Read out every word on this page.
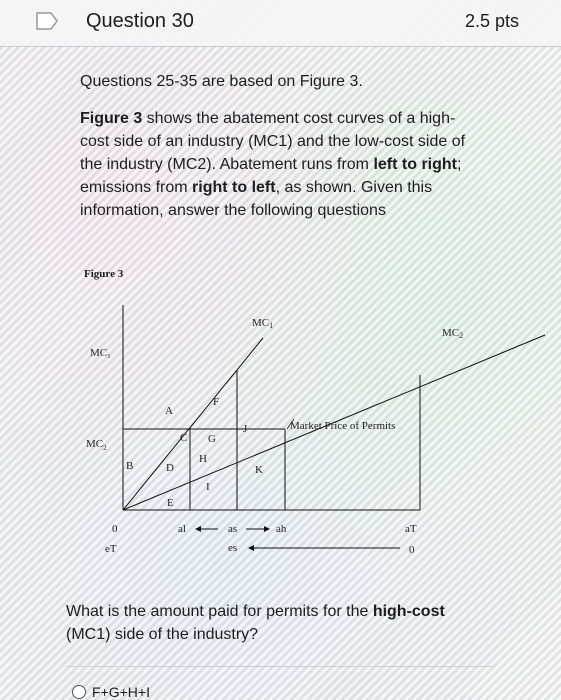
Question 30	2.5 pts

Questions 25-35 are based on Figure 3.

Figure 3 shows the abatement cost curves of a high-cost side of an industry (MC1) and the low-cost side of the industry (MC2). Abatement runs from left to right; emissions from right to left, as shown. Given this information, answer the following questions

Figure 3
MC1
MC2
MC₁
$MC_2$
A
F
J
C G
H
B	D	K
I
E
Market Price of Permits
0
eT
al	as	ah
es
aT
0
What is the amount paid for permits for the high-cost (MC1) side of the industry?
F+G+H+I
